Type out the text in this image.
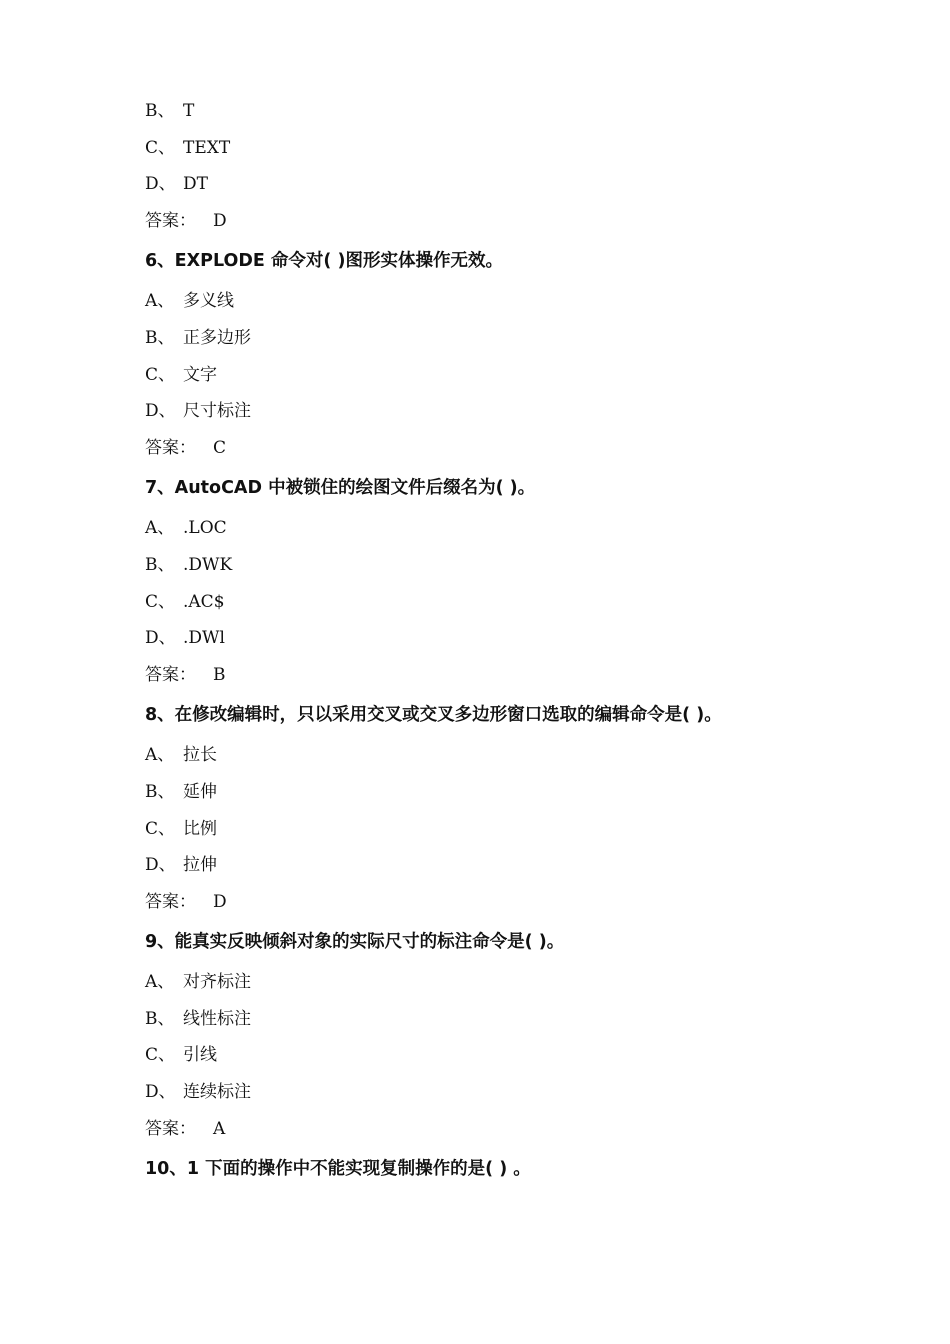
B、 T
C、 TEXT
D、 DT
答案： D
6、EXPLODE 命令对( )图形实体操作无效。
A、 多义线
B、 正多边形
C、 文字
D、 尺寸标注
答案： C
7、AutoCAD 中被锁住的绘图文件后缀名为( )。
A、 .LOC
B、 .DWK
C、 .AC$
D、 .DWl
答案： B
8、在修改编辑时，只以采用交叉或交叉多边形窗口选取的编辑命令是( )。
A、 拉长
B、 延伸
C、 比例
D、 拉伸
答案： D
9、能真实反映倾斜对象的实际尺寸的标注命令是( )。
A、 对齐标注
B、 线性标注
C、 引线
D、 连续标注
答案： A
10、1 下面的操作中不能实现复制操作的是( ) 。
